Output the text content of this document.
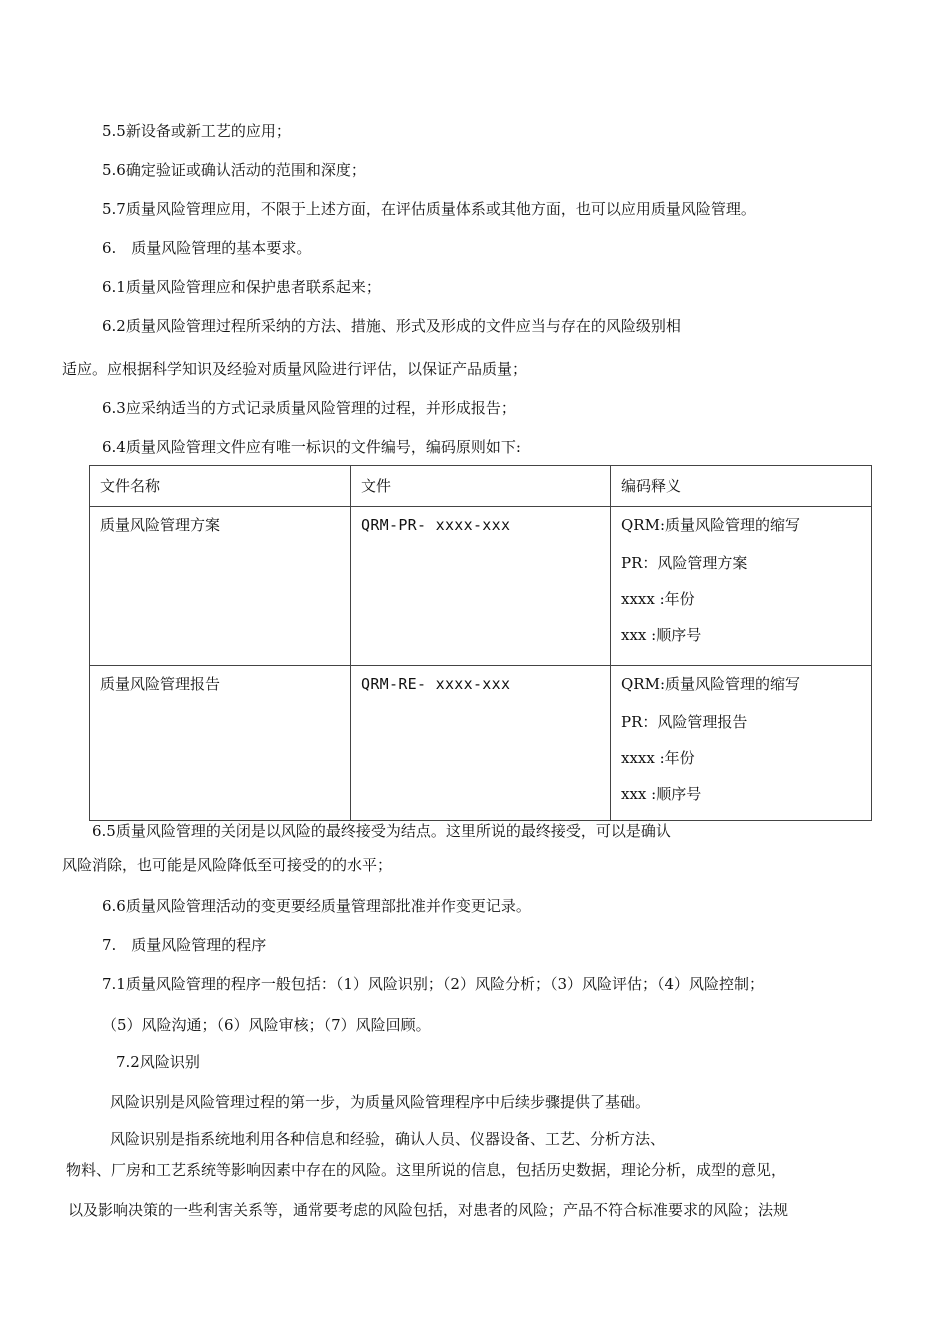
5.5新设备或新工艺的应用；
5.6确定验证或确认活动的范围和深度；
5.7质量风险管理应用，不限于上述方面，在评估质量体系或其他方面，也可以应用质量风险管理。
6.　质量风险管理的基本要求。
6.1质量风险管理应和保护患者联系起来；
6.2质量风险管理过程所采纳的方法、措施、形式及形成的文件应当与存在的风险级别相
适应。应根据科学知识及经验对质量风险进行评估，以保证产品质量；
6.3应采纳适当的方式记录质量风险管理的过程，并形成报告；
6.4质量风险管理文件应有唯一标识的文件编号，编码原则如下:
文件名称	文件	编码释义
质量风险管理方案	QRM-PR- xxxx-xxx	QRM:质量风险管理的缩写
PR：风险管理方案
xxxx :年份
xxx :顺序号

质量风险管理报告	QRM-RE- xxxx-xxx	QRM:质量风险管理的缩写
PR：风险管理报告
xxxx :年份
xxx :顺序号
6.5质量风险管理的关闭是以风险的最终接受为结点。这里所说的最终接受，可以是确认
风险消除，也可能是风险降低至可接受的的水平；
6.6质量风险管理活动的变更要经质量管理部批准并作变更记录。
7.　质量风险管理的程序
7.1质量风险管理的程序一般包括：（1）风险识别；（2）风险分析；（3）风险评估；（4）风险控制；
（5）风险沟通；（6）风险审核；（7）风险回顾。
7.2风险识别
风险识别是风险管理过程的第一步，为质量风险管理程序中后续步骤提供了基础。
风险识别是指系统地利用各种信息和经验，确认人员、仪器设备、工艺、分析方法、
物料、厂房和工艺系统等影响因素中存在的风险。这里所说的信息，包括历史数据，理论分析，成型的意见，
以及影响决策的一些利害关系等，通常要考虑的风险包括，对患者的风险；产品不符合标准要求的风险；法规
